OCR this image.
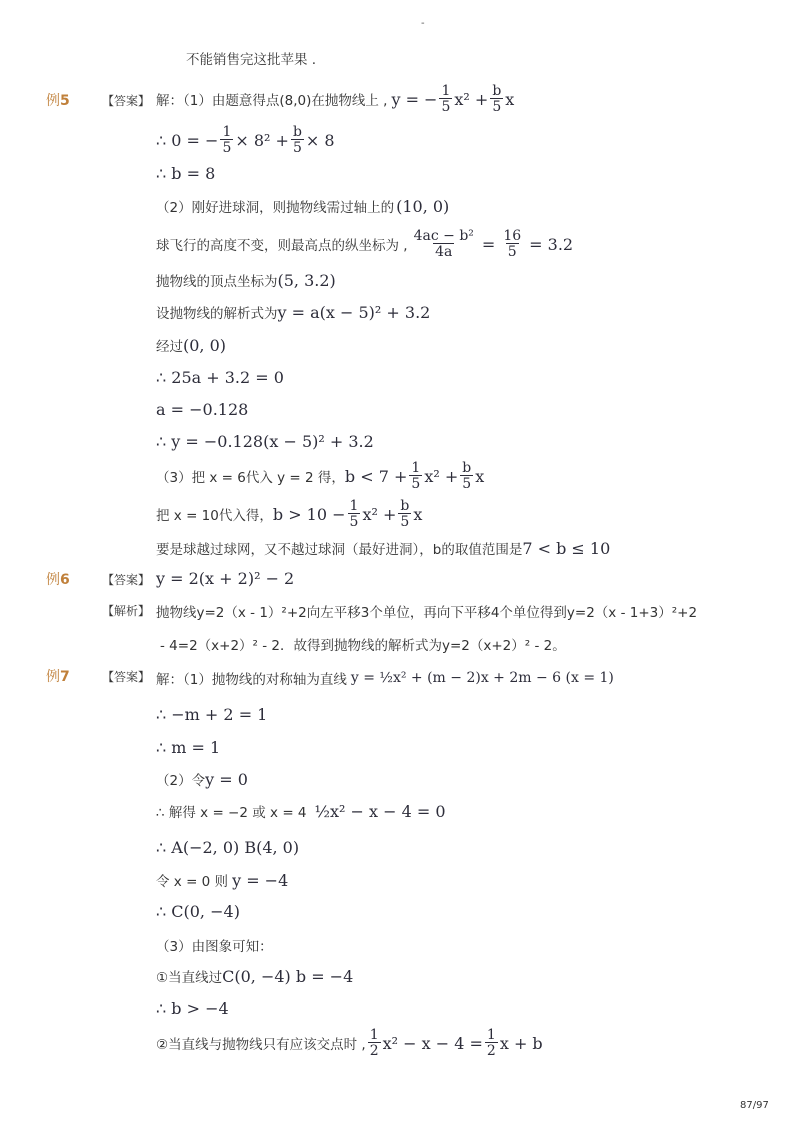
-
不能销售完这批苹果 .
例5	【答案】 解：（1）由题意得点(8,0)在抛物线上 , y = − $\frac{1}{5} x^2 + \frac{b}{5}$ x
∴ 0 = − $\frac{1}{5} \times 8^2 + \frac{b}{5} \times 8$
∴ b = 8
（2）刚好进球洞，则抛物线需过轴上的 (10, 0)
球飞行的高度不变，则最高点的纵坐标为 , $\frac{\text{4ac − b²}}{4a} = \frac{16}{5} = 3.2$
抛物线的顶点坐标为 (5, 3.2)
设抛物线的解析式为 y = a(x − 5)² + 3.2
经过 (0, 0)
∴ 25a + 3.2 = 0
a = −0.128
∴ y = −0.128(x − 5)² + 3.2
（3）把 x = 6代入 y = 2 得， $b < 7 + \frac{1}{5} x^2 + \frac{b}{5}$ x
把 x = 10代入得， $b > 10 - \frac{1}{5} x^2 + \frac{b}{5}$ x
要是球越过球网，又不越过球洞（最好进洞），b的取值范围是 7 < b ≤ 10
例6	【答案】 y = 2(x + 2)² − 2
【解析】 抛物线y=2（x - 1）²+2向左平移3个单位，再向下平移4个单位得到y=2（x - 1+3）²+2
- 4=2（x+2）² - 2．故得到抛物线的解析式为y=2（x+2）² - 2。
例7	【答案】 解：（1）抛物线的对称轴为直线 y = ½x² + (m − 2)x + 2m − 6 (x = 1)
∴ −m + 2 = 1
∴ m = 1
（2）令 y = 0
∴ 解得 x = −2 或 x = 4 ½x² − x − 4 = 0
∴ A(−2, 0) B(4, 0)
令 x = 0 则 y = −4
∴ C(0, −4)
（3）由图象可知：
①当直线过 C(0, −4) b = −4
∴ b > −4
②当直线与抛物线只有应该交点时 , $\frac{1}{2} x^2 - x - 4 = \frac{1}{2}$ x + b
87/97
